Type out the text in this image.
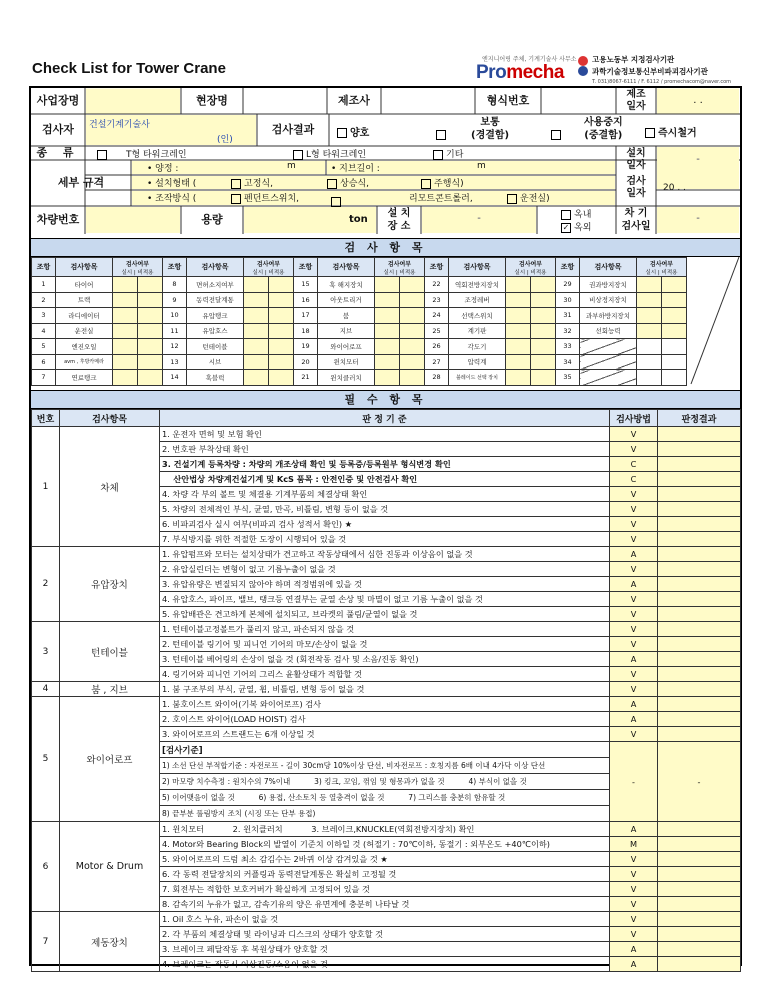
Check List for Tower Crane
엔지니어링 주체, 기계기술사 사무소
Promecha
고용노동부 지정검사기관
과학기술정보통신부비파괴검사기관
T. 031)8067-6111 / F. 6112 / promechacom@naver.com
사업장명	현장명	제조사	형식번호	제조
일자
. .
검사자	건설기계기술사
(인)
검사결과	양호
보통
(경결함)
사용중지
(중결함)	즉시철거
종 류	T형 타워크레인	L형 타워크레인	기타	설치
일자
-
세부 규격
• 양정 :	m	• 지브길이 :	m
• 설치형태 (	고정식,	상승식,	주행식)
• 조작방식 (	펜던트스위치,	리모트콘트롤러,	운전실)
검사
일자	20 . .
차량번호	용량	ton
설 치
장 소
-	옥내
✓ 옥외
차 기
검사일
-
검 사 항 목
조항	검사항목	검사여부
실시 | 비적용	

1	타이어		
2	트랙		
3	라디에이터		
4	운전실		
5	엔진오일		
6	avm , 후방카메라		
7	연료탱크		
조항	검사항목	검사여부
실시 | 비적용	

8	면허소지여부		
9	동력전달계통		
10	유압탱크		
11	유압호스		
12	턴테이블		
13	시브		
14	훅블럭		
조항	검사항목	검사여부
실시 | 비적용	

15	훅 해지장치		
16	아웃트리거		
17	붐		
18	지브		
19	와이어로프		
20	윈치모터		
21	윈치클러치		
조항	검사항목	검사여부
실시 | 비적용	

22	역회전방지장치		
23	조정레버		
24	선택스위치		
25	계기판		
26	각도기		
27	압력계		
28	블레이드 선택 장치		
조항	검사항목	검사여부
실시 | 비적용	

29	권과방지장치		
30	비상정지장치		
31	과부하방지장치		
32	선회능력		
33			
34			
35			
필 수 항 목
번호	검사항목	판 정 기 준	검사방법	판정결과
1	차체	1. 운전자 면허 및 보험 확인	V	
		2. 번호판 부착상태 확인	V	
		3. 건설기계 등록차량 : 차량의 개조상태 확인 및 등록증/등록원부 형식변경 확인	C	
		산안법상 차량계건설기계 및 KcS 품목 : 안전인증 및 안전검사 확인	C	
		4. 차량 각 부의 볼트 및 체결용 기계부품의 체결상태 확인	V	
		5. 차량의 전체적인 부식, 균열, 만곡, 비틀림, 변형 등이 없을 것	V	
		6. 비파괴검사 실시 여부(비파괴 검사 성적서 확인) ★	V	
		7. 부식방지를 위한 적절한 도장이 시행되어 있을 것	V	
2	유압장치	1. 유압펌프와 모터는 설치상태가 견고하고 작동상태에서 심한 진동과 이상음이 없을 것	A	
		2. 유압실린더는 변형이 없고 기름누출이 없을 것	V	
		3. 유압유량은 변질되지 않아야 하며 적정범위에 있을 것	A	
		4. 유압호스, 파이프, 밸브, 탱크등 연결부는 균열 손상 및 마멸이 없고 기름 누출이 없을 것	V	
		5. 유압배관은 견고하게 본체에 설치되고, 브라켓의 풀림/균열이 없을 것	V	
3	턴테이블	1. 턴테이블고정볼트가 풀리지 않고, 파손되지 않을 것	V	
		2. 턴테이블 링기어 및 피니언 기어의 마모/손상이 없을 것	V	
		3. 턴테이블 베어링의 손상이 없을 것 (회전작동 검사 및 소음/진동 확인)	A	
		4. 링기어와 피니언 기어의 그리스 윤활상태가 적합할 것	V	
4	붐 , 지브	1. 붐 구조부의 부식, 균열, 휨, 비틀림, 변형 등이 없을 것	V	
5	와이어로프	1. 붐호이스트 와이어(기복 와이어로프) 검사	A	
		2. 호이스트 와이어(LOAD HOIST) 검사	A	
		3. 와이어로프의 스트랜드는 6개 이상일 것	V	
		[검사기준]	-	-
		1) 소선 단선 부적합기준 : 자전로프 - 길이 30cm당 10%이상 단선, 비자전로프 : 호칭지름 6배 이내 4가닥 이상 단선		
		2) 마모량 치수측정 : 원치수의 7%이내          3) 킹크, 꼬임, 꺾임 및 형몽과가 없을 것          4) 부식이 없을 것		
		5) 이어맺음이 없을 것          6) 용접, 산소토치 등 열충격이 없을 것          7) 그리스를 충분히 함유할 것		
		8) 끝부분 풀림방지 조치 (시징 또는 단부 용접)		
6	Motor & Drum	1. 윈치모터           2. 윈치클러치           3. 브레이크,KNUCKLE(역회전방지장치) 확인	A	
		4. Motor와 Bearing Block의 발열이 기준치 이하일 것 (허절기 : 70℃이하, 동절기 : 외부온도 +40℃이하)	M	
		5. 와이어로프의 드럼 최소 감김수는 2바퀴 이상 감겨있을 것 ★	V	
		6. 각 동력 전달장치의 커플링과 동력전달계통은 확실히 고정될 것	V	
		7. 회전부는 적합한 보호커버가 확실하게 고정되어 있을 것	V	
		8. 감속기의 누유가 없고, 감속기유의 양은 유면계에 충분히 나타날 것	V	
7	제동장치	1. Oil 호스 누유, 파손이 없을 것	V	
		2. 각 부품의 체결상태 및 라이닝과 디스크의 상태가 양호할 것	V	
		3. 브레이크 페달작동 후 복원상태가 양호할 것	A	
		4. 브레이크는 작동시 이상진동/소음이 없을 것	A	
